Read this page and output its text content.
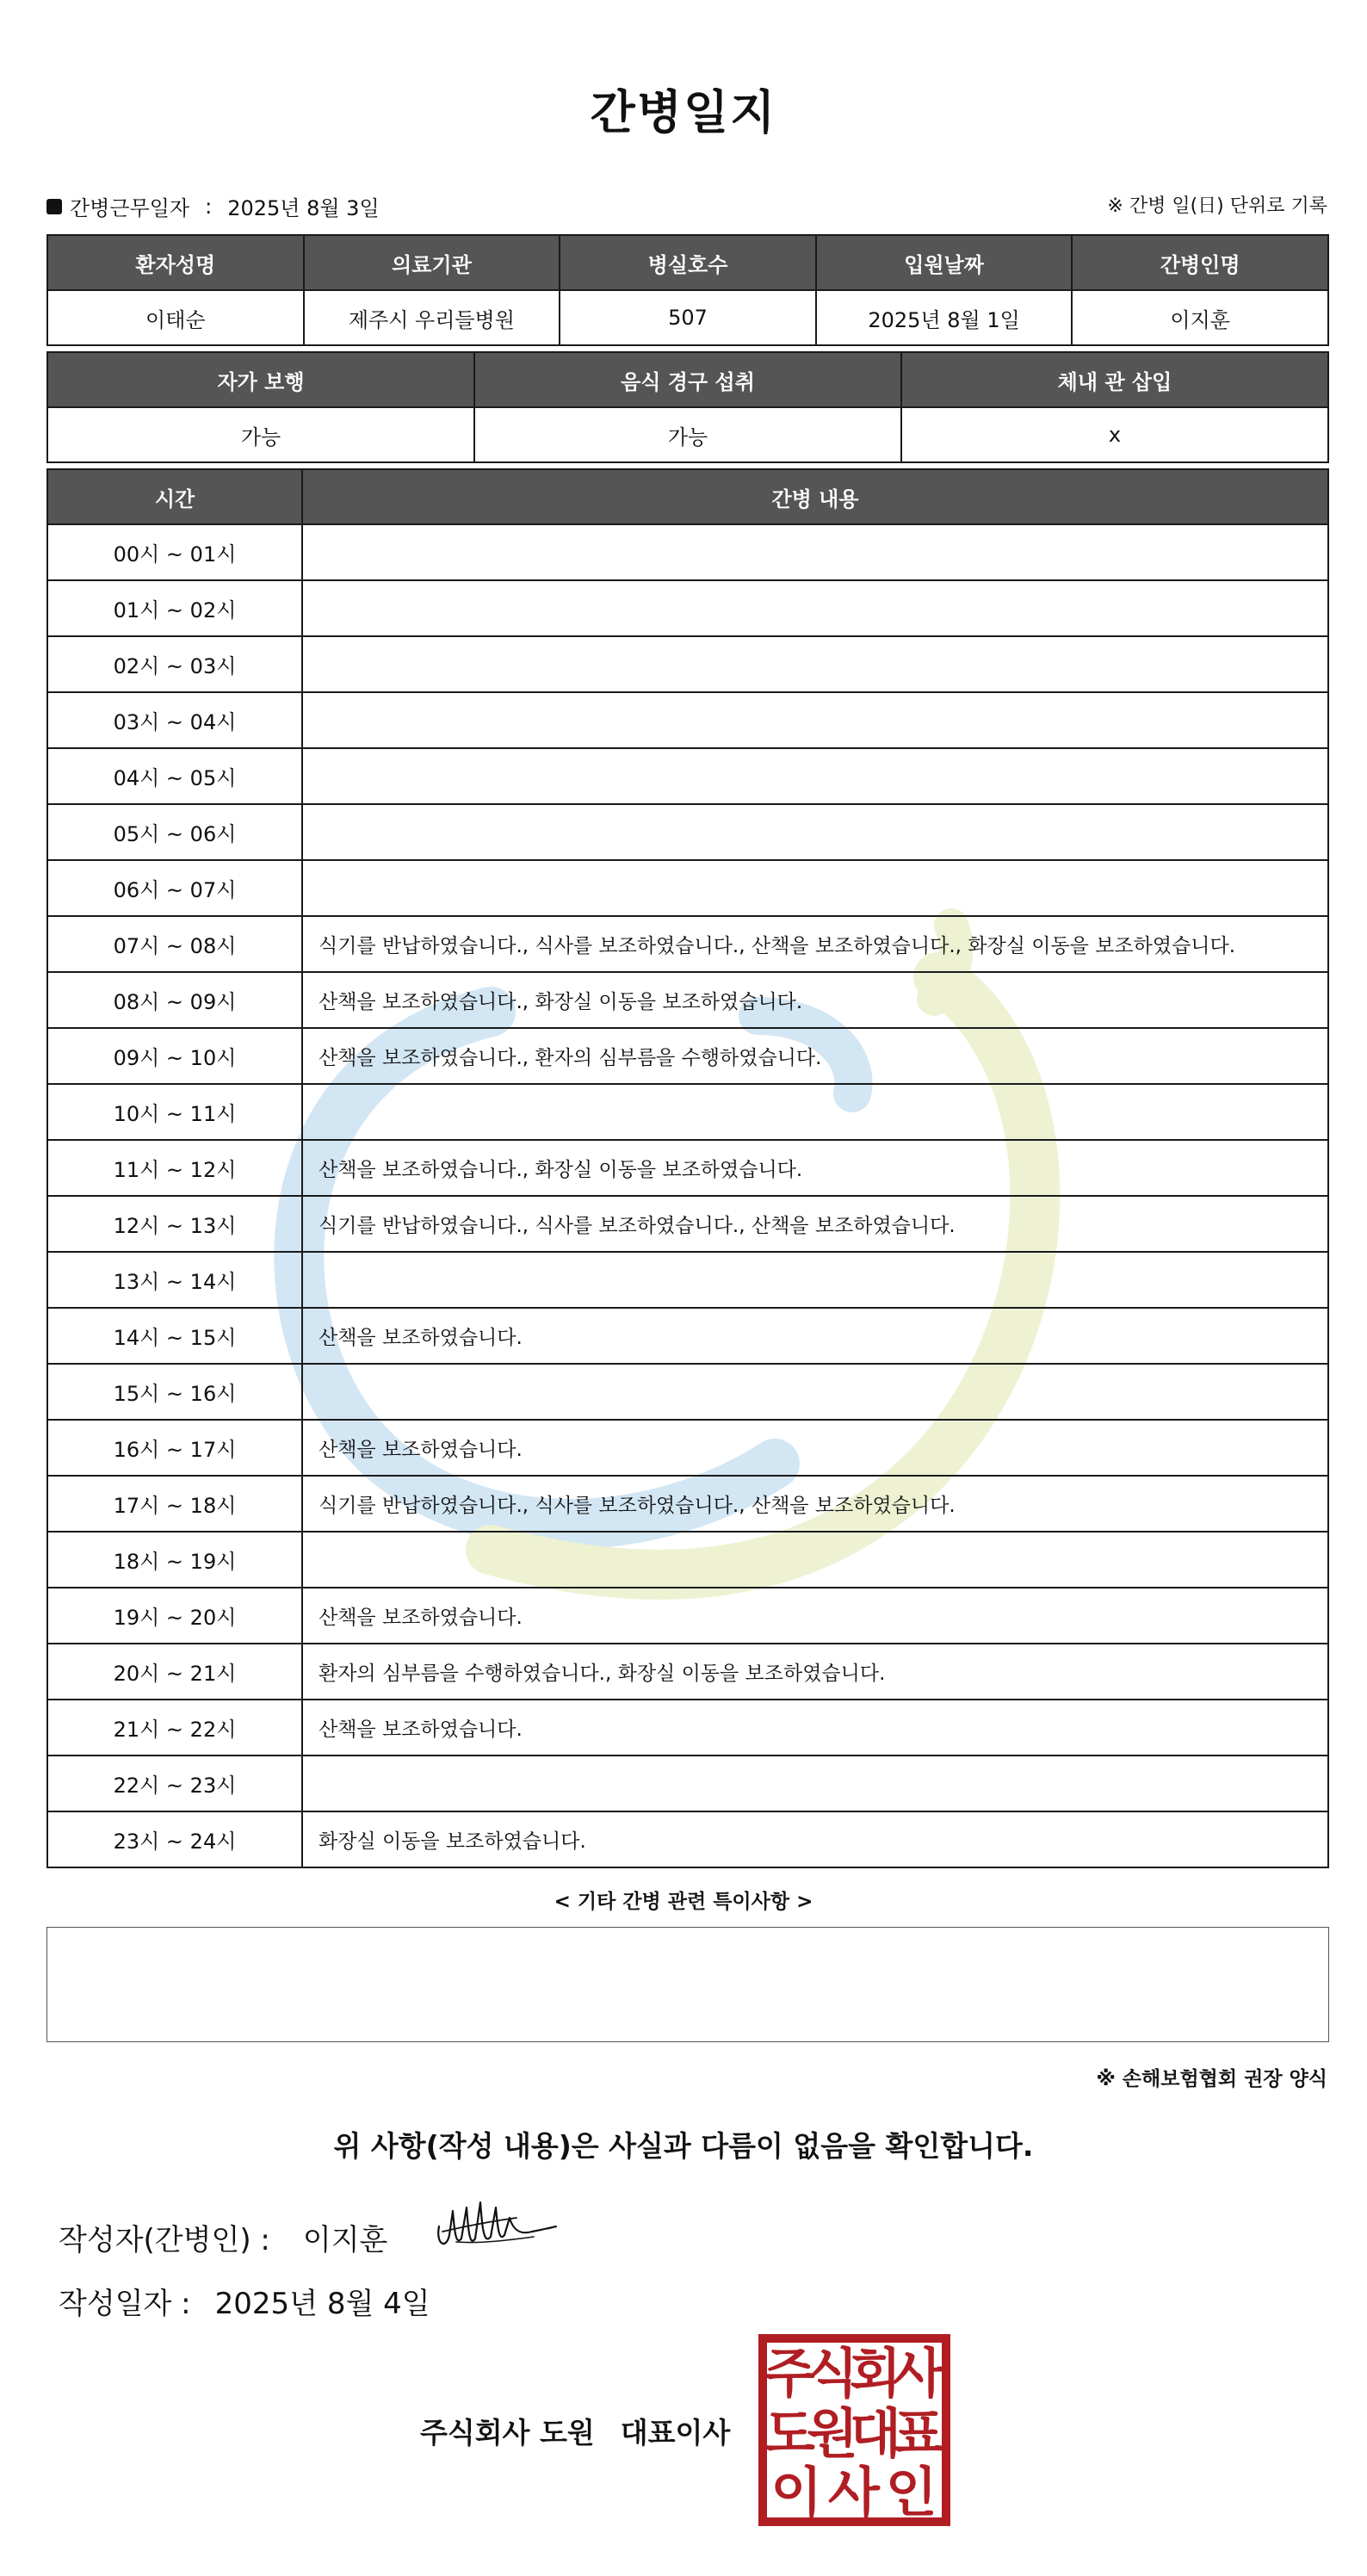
간병일지
간병근무일자 : 2025년 8월 3일	※ 간병 일(日) 단위로 기록
환자성명	의료기관	병실호수	입원날짜	간병인명
이태순	제주시 우리들병원	507	2025년 8월 1일	이지훈
자가 보행	음식 경구 섭취	체내 관 삽입
가능	가능	x
시간	간병 내용
00시 ~ 01시	
01시 ~ 02시	
02시 ~ 03시	
03시 ~ 04시	
04시 ~ 05시	
05시 ~ 06시	
06시 ~ 07시	
07시 ~ 08시	식기를 반납하였습니다., 식사를 보조하였습니다., 산책을 보조하였습니다., 화장실 이동을 보조하였습니다.
08시 ~ 09시	산책을 보조하였습니다., 화장실 이동을 보조하였습니다.
09시 ~ 10시	산책을 보조하였습니다., 환자의 심부름을 수행하였습니다.
10시 ~ 11시	
11시 ~ 12시	산책을 보조하였습니다., 화장실 이동을 보조하였습니다.
12시 ~ 13시	식기를 반납하였습니다., 식사를 보조하였습니다., 산책을 보조하였습니다.
13시 ~ 14시	
14시 ~ 15시	산책을 보조하였습니다.
15시 ~ 16시	
16시 ~ 17시	산책을 보조하였습니다.
17시 ~ 18시	식기를 반납하였습니다., 식사를 보조하였습니다., 산책을 보조하였습니다.
18시 ~ 19시	
19시 ~ 20시	산책을 보조하였습니다.
20시 ~ 21시	환자의 심부름을 수행하였습니다., 화장실 이동을 보조하였습니다.
21시 ~ 22시	산책을 보조하였습니다.
22시 ~ 23시	
23시 ~ 24시	화장실 이동을 보조하였습니다.
< 기타 간병 관련 특이사항 >
※ 손해보험협회 권장 양식
위 사항(작성 내용)은 사실과 다름이 없음을 확인합니다.
작성자(간병인) : 이지훈
작성일자 : 2025년 8월 4일
주식회사 도원 대표이사
주
식
회
사
도
원
대
표
이 사 인
